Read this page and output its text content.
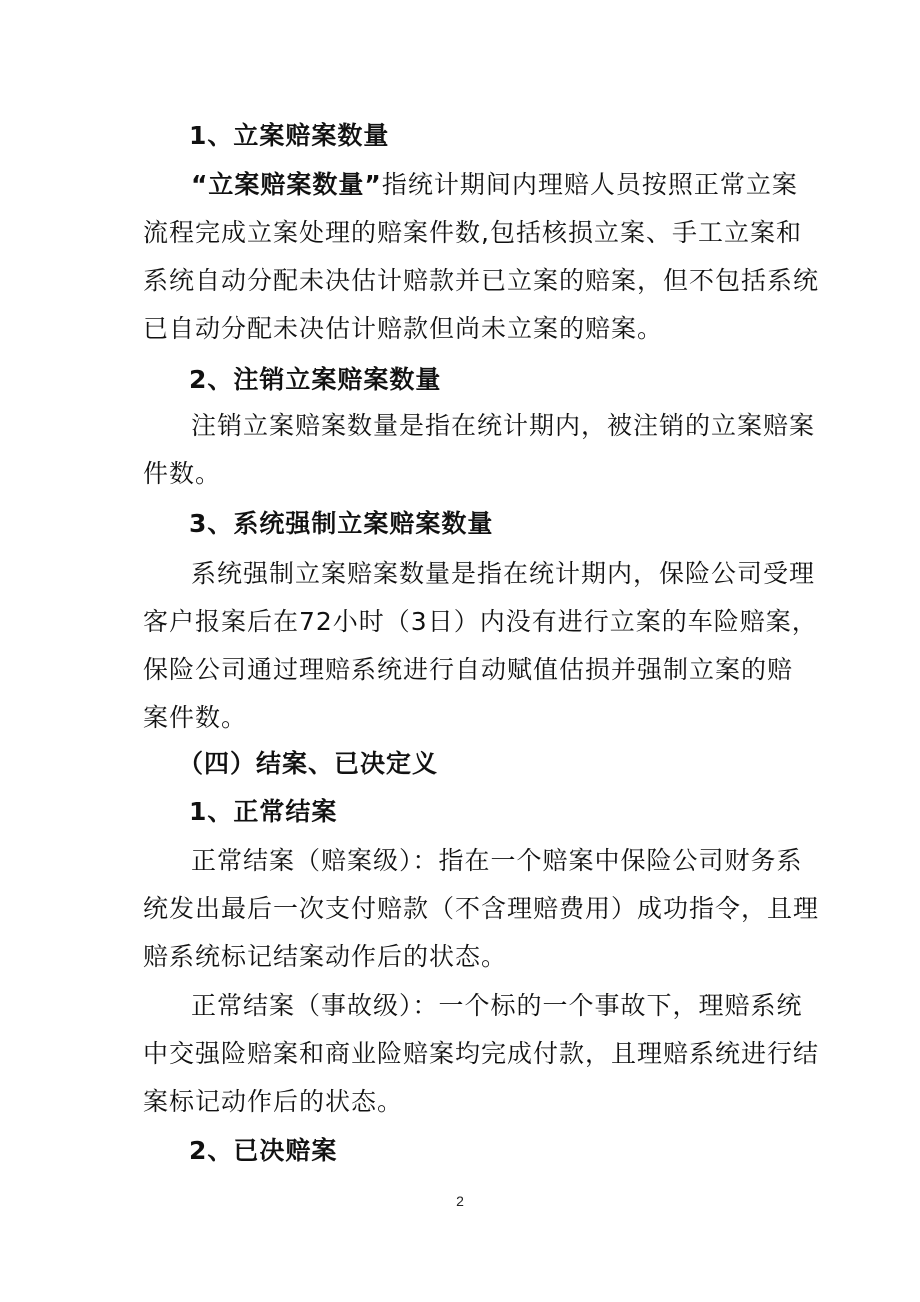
1、立案赔案数量
“立案赔案数量”指统计期间内理赔人员按照正常立案
流程完成立案处理的赔案件数,包括核损立案、手工立案和
系统自动分配未决估计赔款并已立案的赔案，但不包括系统
已自动分配未决估计赔款但尚未立案的赔案。
2、注销立案赔案数量
注销立案赔案数量是指在统计期内，被注销的立案赔案
件数。
3、系统强制立案赔案数量
系统强制立案赔案数量是指在统计期内，保险公司受理
客户报案后在72小时（3日）内没有进行立案的车险赔案，
保险公司通过理赔系统进行自动赋值估损并强制立案的赔
案件数。
（四）结案、已决定义
1、正常结案
正常结案（赔案级）：指在一个赔案中保险公司财务系
统发出最后一次支付赔款（不含理赔费用）成功指令，且理
赔系统标记结案动作后的状态。
正常结案（事故级）：一个标的一个事故下，理赔系统
中交强险赔案和商业险赔案均完成付款，且理赔系统进行结
案标记动作后的状态。
2、已决赔案
2
